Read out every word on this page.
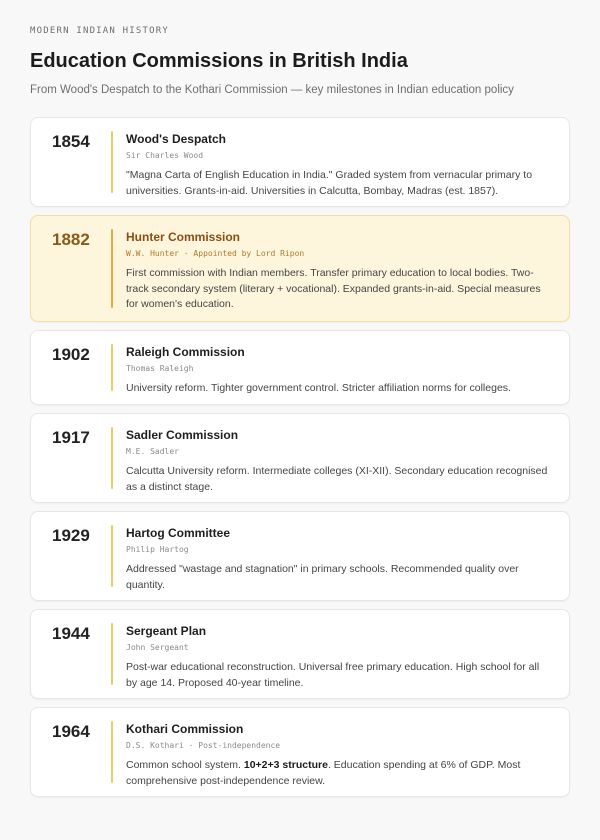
MODERN INDIAN HISTORY
Education Commissions in British India
From Wood's Despatch to the Kothari Commission — key milestones in Indian education policy
1854	Wood's Despatch
Sir Charles Wood

"Magna Carta of English Education in India." Graded system from vernacular primary to universities. Grants-in-aid. Universities in Calcutta, Bombay, Madras (est. 1857).

1882	Hunter Commission
W.W. Hunter · Appointed by Lord Ripon

First commission with Indian members. Transfer primary education to local bodies. Two-track secondary system (literary + vocational). Expanded grants-in-aid. Special measures for women's education.

1902	Raleigh Commission
Thomas Raleigh

University reform. Tighter government control. Stricter affiliation norms for colleges.

1917	Sadler Commission
M.E. Sadler

Calcutta University reform. Intermediate colleges (XI-XII). Secondary education recognised as a distinct stage.

1929	Hartog Committee
Philip Hartog

Addressed "wastage and stagnation" in primary schools. Recommended quality over quantity.

1944	Sergeant Plan
John Sergeant

Post-war educational reconstruction. Universal free primary education. High school for all by age 14. Proposed 40-year timeline.

1964	Kothari Commission
D.S. Kothari · Post-independence

Common school system. 10+2+3 structure. Education spending at 6% of GDP. Most comprehensive post-independence review.
